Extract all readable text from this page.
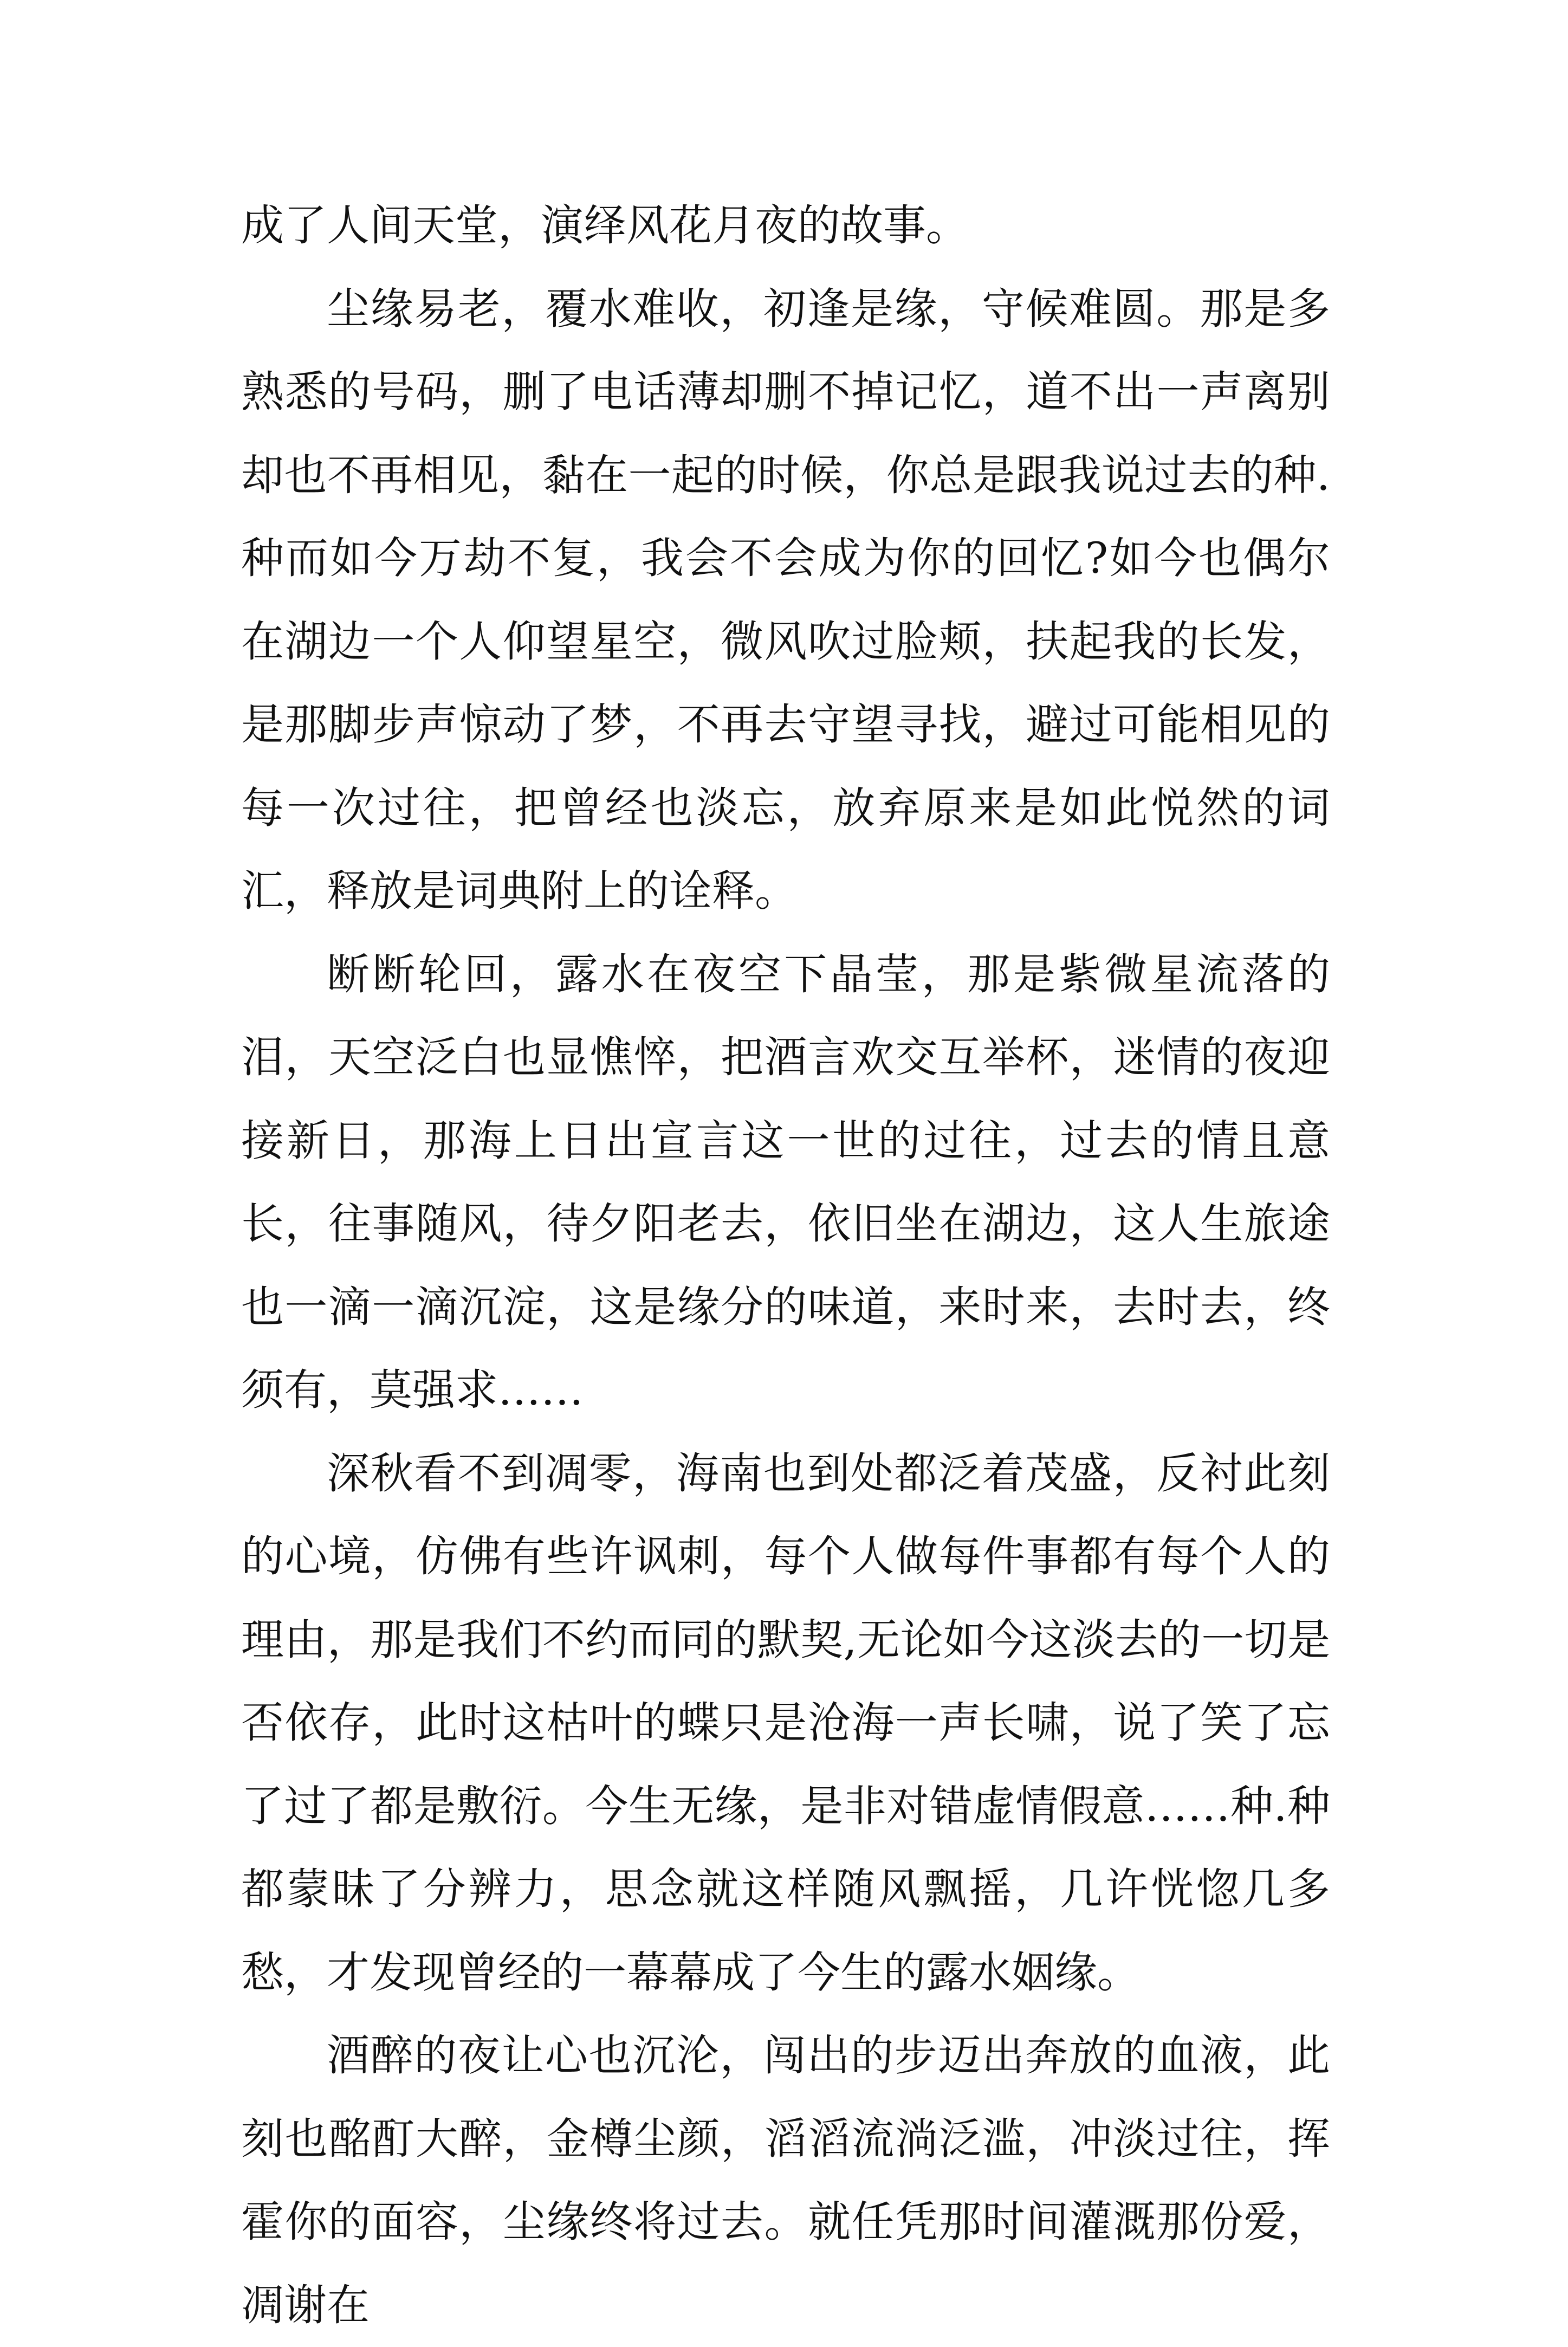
成了人间天堂，演绎风花月夜的故事。

尘缘易老，覆水难收，初逢是缘，守候难圆。那是多熟悉的号码，删了电话薄却删不掉记忆，道不出一声离别却也不再相见，黏在一起的时候，你总是跟我说过去的种.种而如今万劫不复，我会不会成为你的回忆?如今也偶尔在湖边一个人仰望星空，微风吹过脸颊，扶起我的长发，是那脚步声惊动了梦，不再去守望寻找，避过可能相见的每一次过往，把曾经也淡忘，放弃原来是如此悦然的词汇，释放是词典附上的诠释。

断断轮回，露水在夜空下晶莹，那是紫微星流落的泪，天空泛白也显憔悴，把酒言欢交互举杯，迷情的夜迎接新日，那海上日出宣言这一世的过往，过去的情且意长，往事随风，待夕阳老去，依旧坐在湖边，这人生旅途也一滴一滴沉淀，这是缘分的味道，来时来，去时去，终须有，莫强求……

深秋看不到凋零，海南也到处都泛着茂盛，反衬此刻的心境，仿佛有些许讽刺，每个人做每件事都有每个人的理由，那是我们不约而同的默契,无论如今这淡去的一切是否依存，此时这枯叶的蝶只是沧海一声长啸，说了笑了忘了过了都是敷衍。今生无缘，是非对错虚情假意……种.种都蒙昧了分辨力，思念就这样随风飘摇，几许恍惚几多愁，才发现曾经的一幕幕成了今生的露水姻缘。

酒醉的夜让心也沉沦，闯出的步迈出奔放的血液，此刻也酩酊大醉，金樽尘颜，滔滔流淌泛滥，冲淡过往，挥霍你的面容，尘缘终将过去。就任凭那时间灌溉那份爱，凋谢在
